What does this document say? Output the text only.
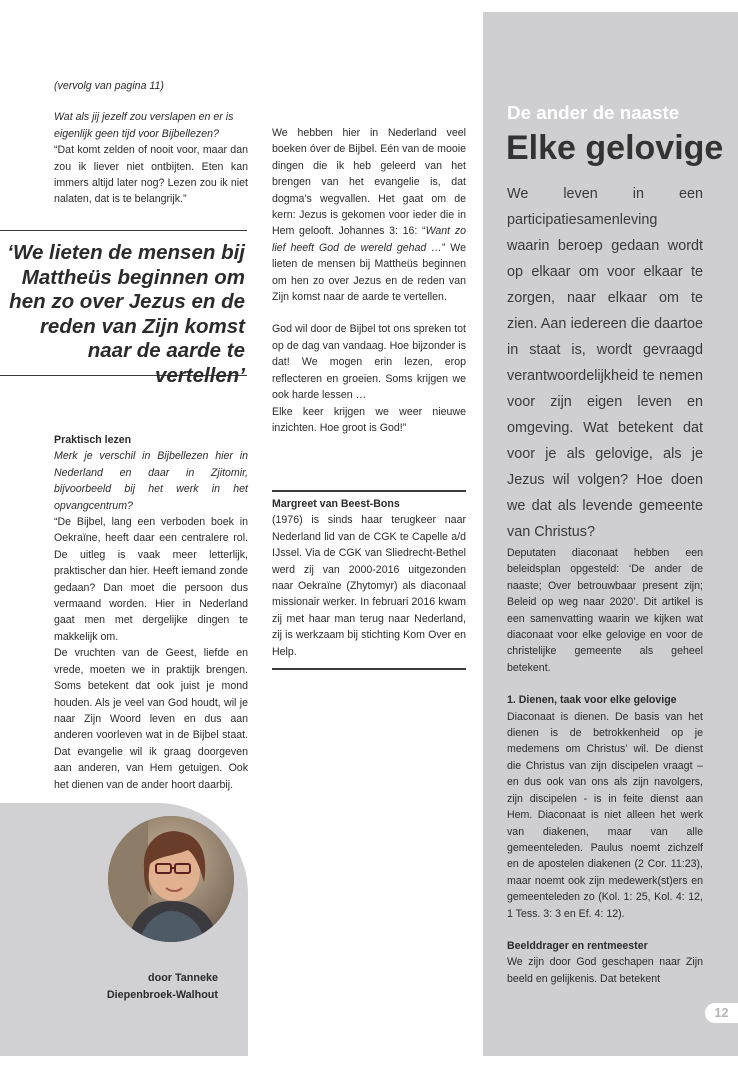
(vervolg van pagina 11)

Wat als jij jezelf zou verslapen en er is eigenlijk geen tijd voor Bijbellezen?

“Dat komt zelden of nooit voor, maar dan zou ik liever niet ontbijten. Eten kan immers altijd later nog? Lezen zou ik niet nalaten, dat is te belangrijk.”

‘We lieten de mensen bij Mattheüs beginnen om hen zo over Jezus en de reden van Zijn komst naar de aarde te vertellen’

Praktisch lezen

Merk je verschil in Bijbellezen hier in Nederland en daar in Zjitomir, bijvoorbeeld bij het werk in het opvangcentrum?

“De Bijbel, lang een verboden boek in Oekraïne, heeft daar een centralere rol. De uitleg is vaak meer letterlijk, praktischer dan hier. Heeft iemand zonde gedaan? Dan moet die persoon dus vermaand worden. Hier in Nederland gaat men met dergelijke dingen te makkelijk om.

De vruchten van de Geest, liefde en vrede, moeten we in praktijk brengen. Soms betekent dat ook juist je mond houden. Als je veel van God houdt, wil je naar Zijn Woord leven en dus aan anderen voorleven wat in de Bijbel staat. Dat evangelie wil ik graag doorgeven aan anderen, van Hem getuigen. Ook het dienen van de ander hoort daarbij.

door Tanneke
Diepenbroek-Walhout

We hebben hier in Nederland veel boeken óver de Bijbel. Eén van de mooie dingen die ik heb geleerd van het brengen van het evangelie is, dat dogma’s wegvallen. Het gaat om de kern: Jezus is gekomen voor ieder die in Hem gelooft. Johannes 3: 16: “Want zo lief heeft God de wereld gehad …” We lieten de mensen bij Mattheüs beginnen om hen zo over Jezus en de reden van Zijn komst naar de aarde te vertellen.

God wil door de Bijbel tot ons spreken tot op de dag van vandaag. Hoe bijzonder is dat! We mogen erin lezen, erop reflecteren en groeien. Soms krijgen we ook harde lessen …

Elke keer krijgen we weer nieuwe inzichten. Hoe groot is God!”

Margreet van Beest-Bons

(1976) is sinds haar terugkeer naar Nederland lid van de CGK te Capelle a/d IJssel. Via de CGK van Sliedrecht-Bethel werd zij van 2000-2016 uitgezonden naar Oekraïne (Zhytomyr) als diaconaal missionair werker. In februari 2016 kwam zij met haar man terug naar Nederland, zij is werkzaam bij stichting Kom Over en Help.

De ander de naaste

Elke gelovige

We leven in een participatiesamenleving waarin beroep gedaan wordt op elkaar om voor elkaar te zorgen, naar elkaar om te zien. Aan iedereen die daartoe in staat is, wordt gevraagd verantwoordelijkheid te nemen voor zijn eigen leven en omgeving. Wat betekent dat voor je als gelovige, als je Jezus wil volgen? Hoe doen we dat als levende gemeente van Christus?

Deputaten diaconaat hebben een beleidsplan opgesteld: ‘De ander de naaste; Over betrouwbaar present zijn; Beleid op weg naar 2020’. Dit artikel is een samenvatting waarin we kijken wat diaconaat voor elke gelovige en voor de christelijke gemeente als geheel betekent.

1. Dienen, taak voor elke gelovige

Diaconaat is dienen. De basis van het dienen is de betrokkenheid op je medemens om Christus’ wil. De dienst die Christus van zijn discipelen vraagt – en dus ook van ons als zijn navolgers, zijn discipelen - is in feite dienst aan Hem. Diaconaat is niet alleen het werk van diakenen, maar van alle gemeenteleden. Paulus noemt zichzelf en de apostelen diakenen (2 Cor. 11:23), maar noemt ook zijn medewerk(st)ers en gemeenteleden zo (Kol. 1: 25, Kol. 4: 12, 1 Tess. 3: 3 en Ef. 4: 12).

Beelddrager en rentmeester

We zijn door God geschapen naar Zijn beeld en gelijkenis. Dat betekent

12
